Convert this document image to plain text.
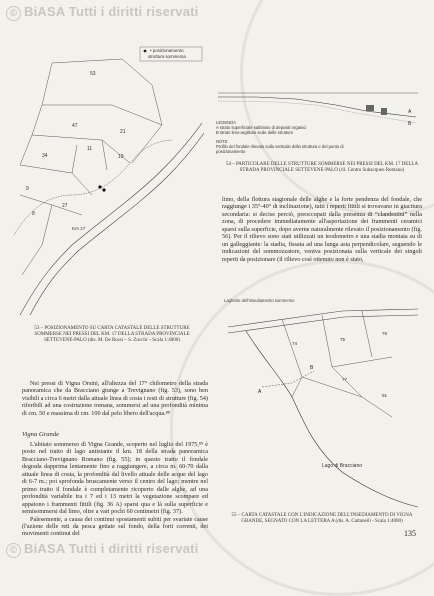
© BiASA Tutti i diritti riservati
© BiASA Tutti i diritti riservati
• posizionamento
struttura sommersa
53
47
11
34
21
19
9
8
27
Km 17
53 – POSIZIONAMENTO SU CARTA CATASTALE DELLE STRUTTURE SOMMERSE NEI PRESSI DEL KM. 17 DELLA STRADA PROVINCIALE SETTEVENE-PALO (dis. M. De Rossi – S. Zucchi – Scala 1:4000)
A
B
LEGENDA
A strato superficiale sabbioso di depositi organici
B strato limo-argilloso sede delle strutture
NOTE
Profilo del fondale rilevato sulla verticale della struttura e del punto di posizionamento
54 – PARTICOLARE DELLE STRUTTURE SOMMERSE NEI PRESSI DEL KM. 17 DELLA STRADA PROVINCIALE SETTEVENE-PALO (ril. Centro Subacqueo Romano)

limo, della flottura stagionale delle alghe e la forte pendenza del fondale, che raggiunge i 35°-40° di inclinazione), tutti i reperti fittili si trovavano in giacitura secondaria: si decise perciò, preoccupati dalla presenza di “clandestini” nella zona, di procedere immediatamente all'asportazione dei frammenti ceramici sparsi sulla superficie, dopo averne naturalmente rilevato il posizionamento (fig. 56). Per il rilievo sono stati utilizzati un teodometro e una stadia montata su di un galleggiante: la stadia, fissata ad una lunga asta perpendicolare, seguendo le indicazioni del sommozzatore, veniva posizionata sulla verticale dei singoli reperti da posizionare (il rilievo così ottenuto non è stato,

Laghetto dell'insediamento sommerso
A
B
74
75
76
77
91
Lago di Bracciano
55 – CARTA CATASTALE CON L'INDICAZIONE DELL'INSEDIAMENTO DI VIGNA GRANDE, SEGNATO CON LA LETTERA A (dis. A. Cattaneili - Scala 1:4000)

Nei pressi di Vigna Orsini, all'altezza del 17° chilometro della strada panoramica che da Bracciano giunge a Trevignano (fig. 53), sono ben visibili a circa 6 metri dalla attuale linea di costa i resti di strutture (fig. 54) riferibili ad una costruzione romana, sommersi ad una profondità minima di cm. 50 e massima di cm. 100 dal pelo libero dell'acqua.⁸⁸

Vigna Grande

L'abitato sommerso di Vigna Grande, scoperto nel luglio del 1975,⁸⁹ è posto nel tratto di lago antistante il km. 18 della strada panoramica Bracciano-Trevignano Romano (fig. 55); in questo tratto il fondale degrada dapprima lentamente fino a raggiungere, a circa m. 60-70 dalla attuale linea di costa, la profondità dal livello attuale delle acque del lago di 6-7 m.; poi sprofonda bruscamente verso il centro del lago; mentre nel primo tratto il fondale è completamente ricoperto dalle alghe, ad una profondità variabile tra i 7 ed i 13 metri la vegetazione scompare ed appaiono i frammenti fittili (fig. 36 A) sparsi qua e là sulla superficie e semisommersi dal limo, oltre a vari pochi 60 centimetri (fig. 37).

Palesemente, a causa dei continui spostamenti subiti per svariate cause (l'azione delle reti da pesca gettate sul fondo, della forti correnti, dei movimenti continui del	135
